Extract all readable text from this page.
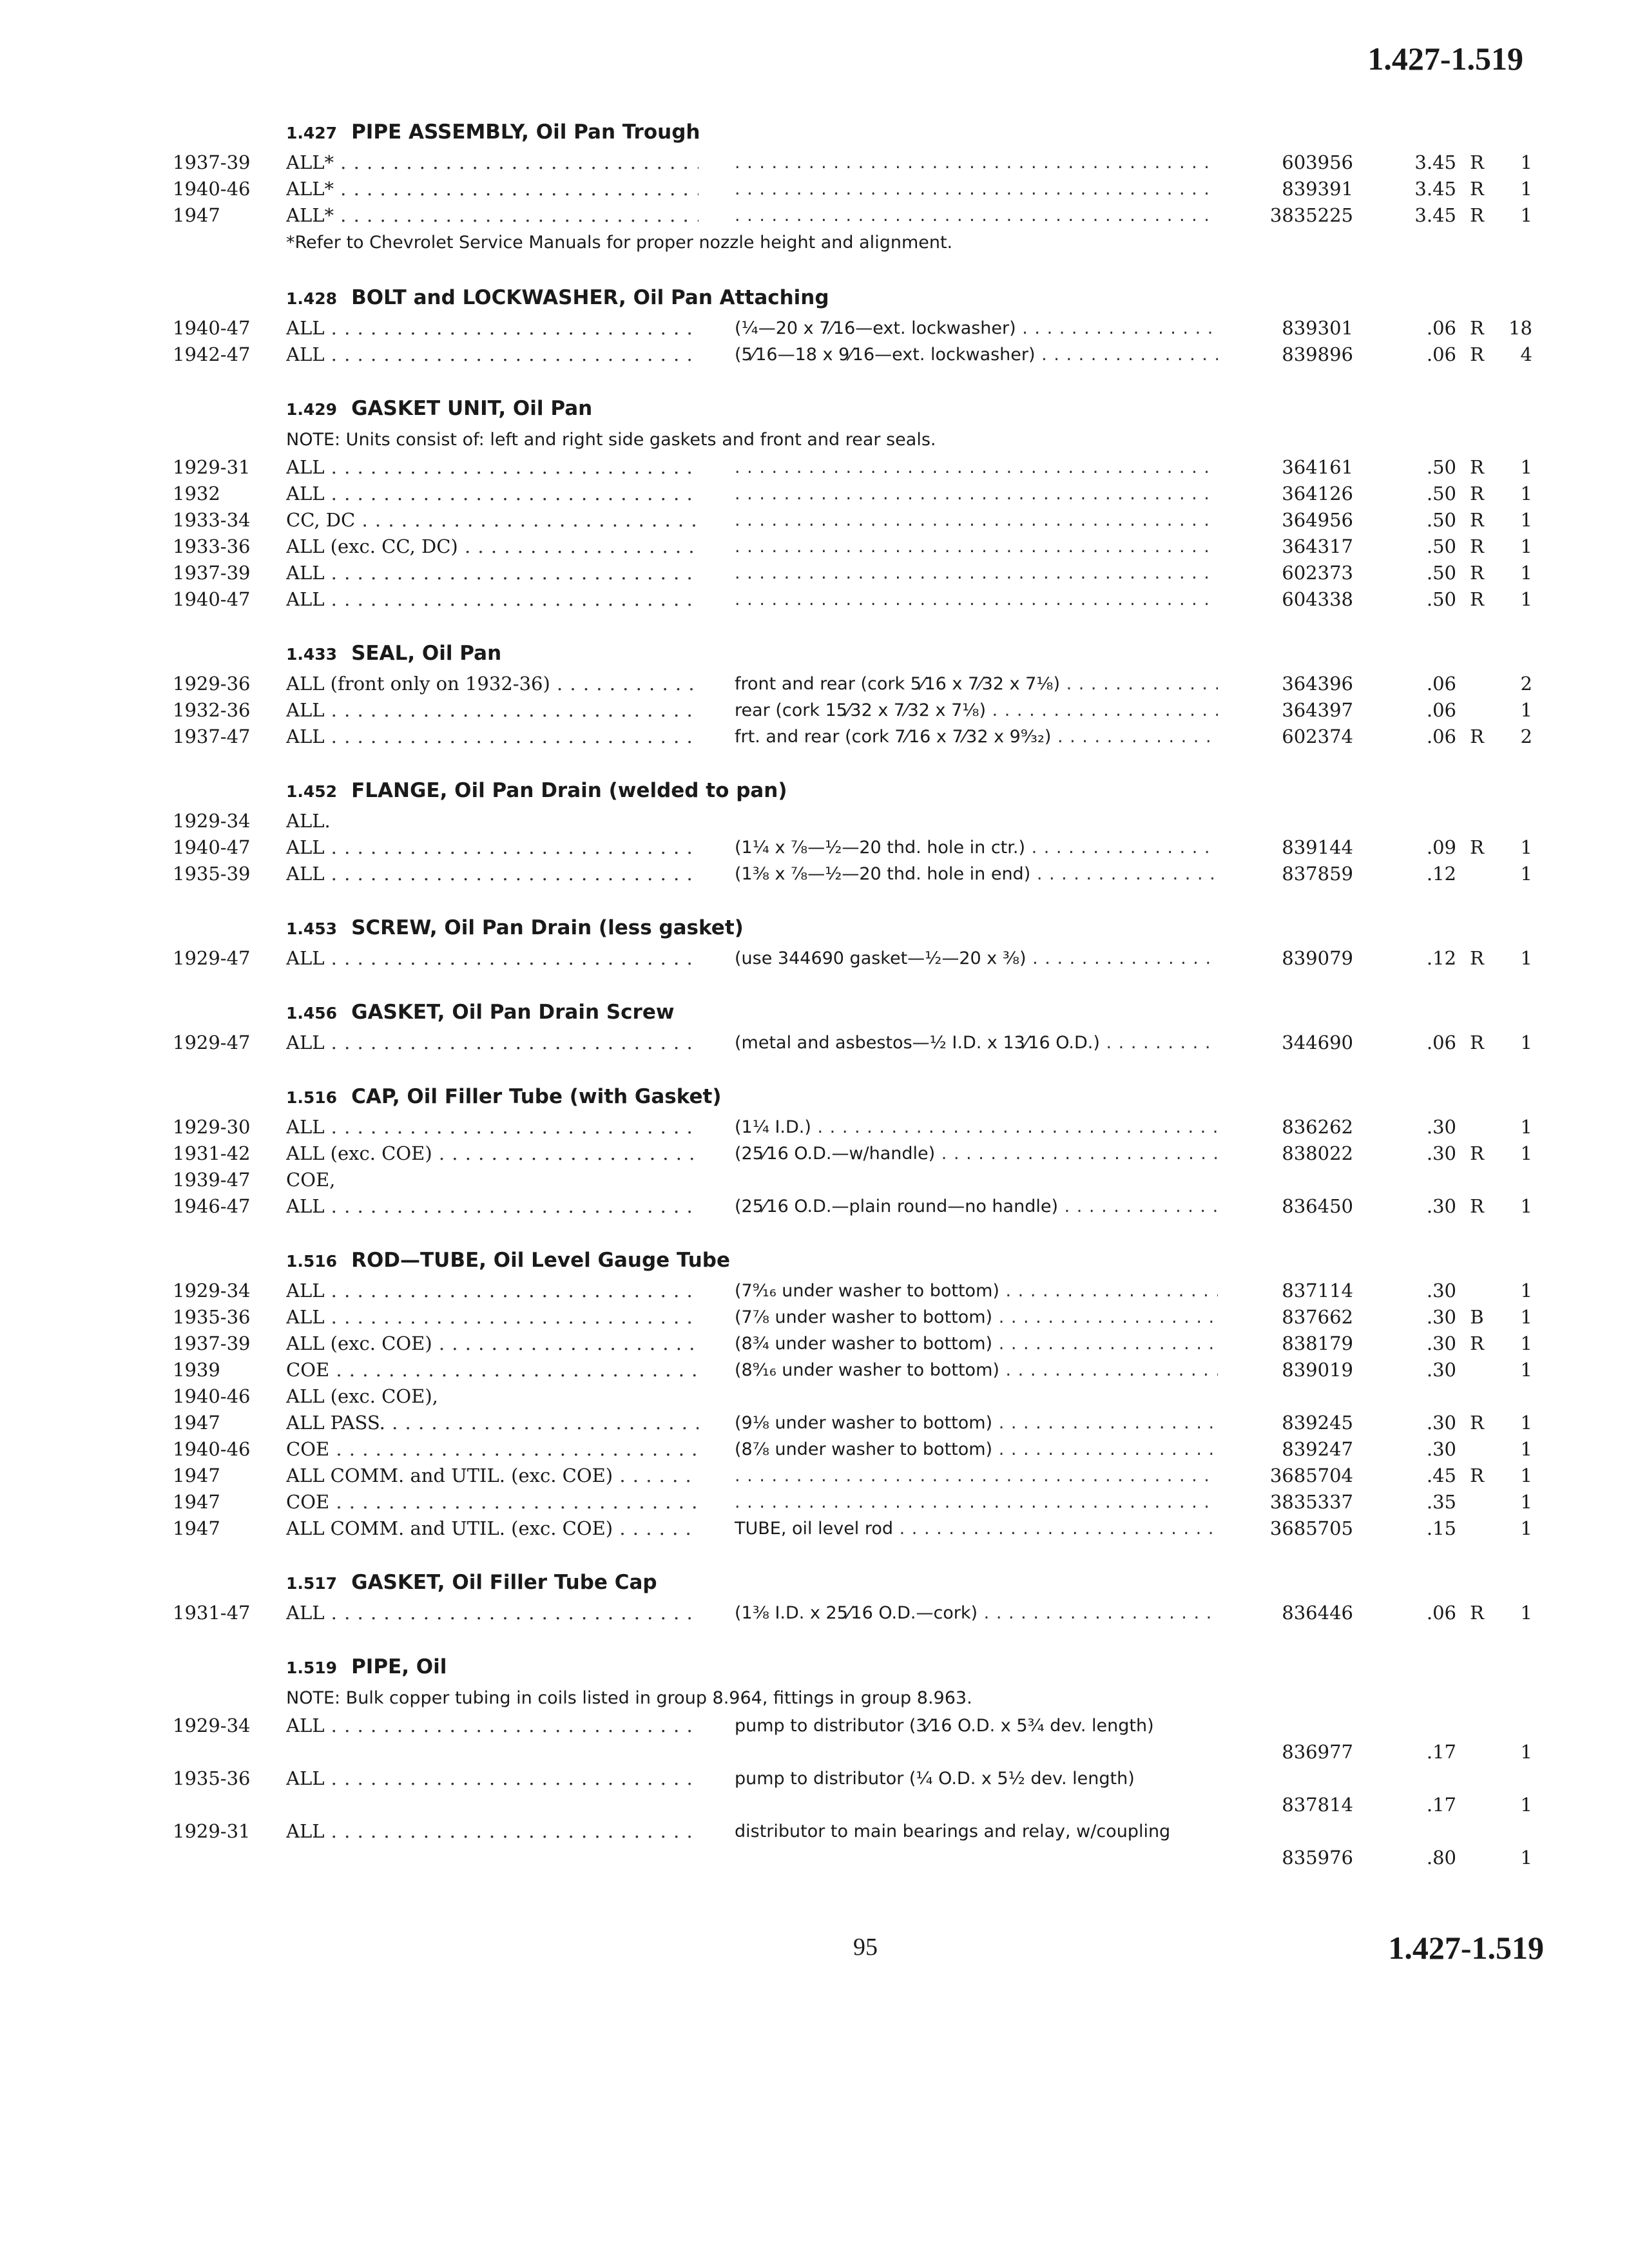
1.427-1.519
1.427 PIPE ASSEMBLY, Oil Pan Trough
1937-39	ALL* . . . . . .	603956	3.45 R	1
1940-46	ALL* . . . . . .	839391	3.45 R	1
1947	ALL* . . . . . .	3835225	3.45 R	1
*Refer to Chevrolet Service Manuals for proper nozzle height and alignment.
1.428 BOLT and LOCKWASHER, Oil Pan Attaching
1940-47	ALL . . .	(¼—20 x 7⁄16—ext. lockwasher) . . .	839301	.06 R	18
1942-47	ALL . . .	(5⁄16—18 x 9⁄16—ext. lockwasher) . . .	839896	.06 R	4
1.429 GASKET UNIT, Oil Pan
NOTE: Units consist of: left and right side gaskets and front and rear seals.
1929-31	ALL . . . . . .	364161	.50 R	1
1932	ALL . . . . . .	364126	.50 R	1
1933-34	CC, DC . . . . . .	364956	.50 R	1
1933-36	ALL (exc. CC, DC) . . . . . .	364317	.50 R	1
1937-39	ALL . . . . . .	602373	.50 R	1
1940-47	ALL . . . . . .	604338	.50 R	1
1.433 SEAL, Oil Pan
1929-36	ALL (front only on 1932-36) . . .	front and rear (cork 5⁄16 x 7⁄32 x 7⅛) . . .	364396	.06	2
1932-36	ALL . . .	rear (cork 15⁄32 x 7⁄32 x 7⅛) . . .	364397	.06	1
1937-47	ALL . . .	frt. and rear (cork 7⁄16 x 7⁄32 x 9⁹⁄₃₂) . . .	602374	.06 R	2
1.452 FLANGE, Oil Pan Drain (welded to pan)
1929-34	ALL.
1940-47	ALL . . .	(1¼ x ⅞—½—20 thd. hole in ctr.) . . .	839144	.09 R	1
1935-39	ALL . . .	(1⅜ x ⅞—½—20 thd. hole in end) . . .	837859	.12	1
1.453 SCREW, Oil Pan Drain (less gasket)
1929-47	ALL . . .	(use 344690 gasket—½—20 x ⅜) . . .	839079	.12 R	1
1.456 GASKET, Oil Pan Drain Screw
1929-47	ALL . . .	(metal and asbestos—½ I.D. x 13⁄16 O.D.) . . .	344690	.06 R	1
1.516 CAP, Oil Filler Tube (with Gasket)
1929-30	ALL . . .	(1¼ I.D.) . . .	836262	.30	1
1931-42	ALL (exc. COE) . . .	(25⁄16 O.D.—w/handle) . . .	838022	.30 R	1
1939-47	COE,
1946-47	ALL . . .	(25⁄16 O.D.—plain round—no handle) . . .	836450	.30 R	1
1.516 ROD—TUBE, Oil Level Gauge Tube
1929-34	ALL . . .	(7⁹⁄₁₆ under washer to bottom) . . .	837114	.30	1
1935-36	ALL . . .	(7⅞ under washer to bottom) . . .	837662	.30 B	1
1937-39	ALL (exc. COE) . . .	(8¾ under washer to bottom) . . .	838179	.30 R	1
1939	COE . . .	(8⁹⁄₁₆ under washer to bottom) . . .	839019	.30	1
1940-46	ALL (exc. COE),
1947	ALL PASS. . . .	(9⅛ under washer to bottom) . . .	839245	.30 R	1
1940-46	COE . . .	(8⅞ under washer to bottom) . . .	839247	.30	1
1947	ALL COMM. and UTIL. (exc. COE) . . . . . .	3685704	.45 R	1
1947	COE . . . . . .	3835337	.35	1
1947	ALL COMM. and UTIL. (exc. COE) . . .	TUBE, oil level rod . . .	3685705	.15	1
1.517 GASKET, Oil Filler Tube Cap
1931-47	ALL . . .	(1⅜ I.D. x 25⁄16 O.D.—cork) . . .	836446	.06 R	1
1.519 PIPE, Oil
NOTE: Bulk copper tubing in coils listed in group 8.964, fittings in group 8.963.
1929-34	ALL . . .	pump to distributor (3⁄16 O.D. x 5¾ dev. length)
836977	.17	1
1935-36	ALL . . .	pump to distributor (¼ O.D. x 5½ dev. length)
837814	.17	1
1929-31	ALL . . .	distributor to main bearings and relay, w/coupling
835976	.80	1
95	1.427-1.519
